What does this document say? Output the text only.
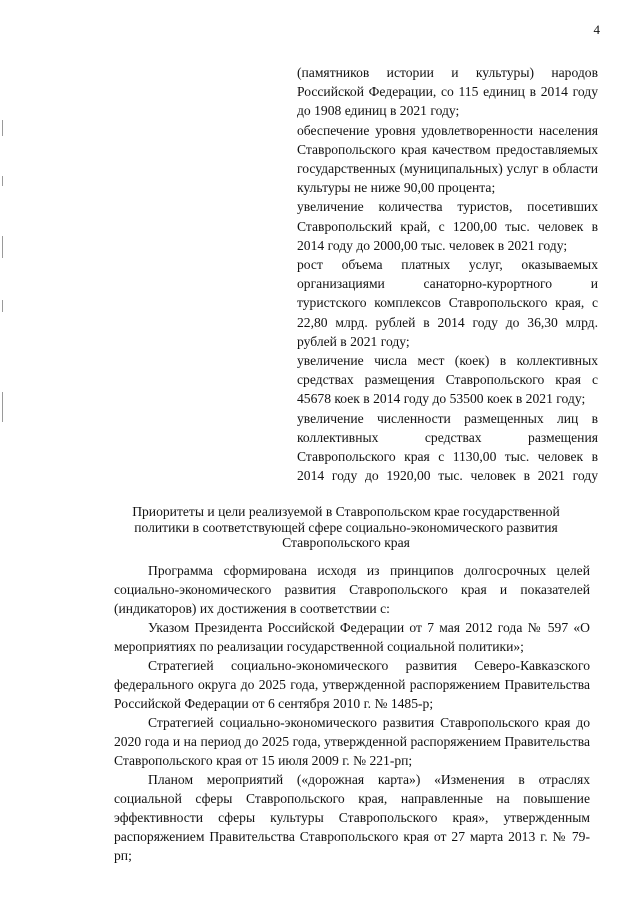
4

(памятников истории и культуры) народов Российской Федерации, со 115 единиц в 2014 году до 1908 единиц в 2021 году;

обеспечение уровня удовлетворенности населения Ставропольского края качеством предоставляемых государственных (муниципальных) услуг в области культуры не ниже 90,00 процента;

увеличение количества туристов, посетивших Ставропольский край, с 1200,00 тыс. человек в 2014 году до 2000,00 тыс. человек в 2021 году;

рост объема платных услуг, оказываемых организациями санаторно-курортного и туристского комплексов Ставропольского края, с 22,80 млрд. рублей в 2014 году до 36,30 млрд. рублей в 2021 году;

увеличение числа мест (коек) в коллективных средствах размещения Ставропольского края с 45678 коек в 2014 году до 53500 коек в 2021 году;

увеличение численности размещенных лиц в коллективных средствах размещения Ставропольского края с 1130,00 тыс. человек в 2014 году до 1920,00 тыс. человек в 2021 году

Приоритеты и цели реализуемой в Ставропольском крае государственной
политики в соответствующей сфере социально-экономического развития
Ставропольского края

Программа сформирована исходя из принципов долгосрочных целей социально-экономического развития Ставропольского края и показателей (индикаторов) их достижения в соответствии с:

Указом Президента Российской Федерации от 7 мая 2012 года № 597 «О мероприятиях по реализации государственной социальной политики»;

Стратегией социально-экономического развития Северо-Кавказского федерального округа до 2025 года, утвержденной распоряжением Правительства Российской Федерации от 6 сентября 2010 г. № 1485-р;

Стратегией социально-экономического развития Ставропольского края до 2020 года и на период до 2025 года, утвержденной распоряжением Правительства Ставропольского края от 15 июля 2009 г. № 221-рп;

Планом мероприятий («дорожная карта») «Изменения в отраслях социальной сферы Ставропольского края, направленные на повышение эффективности сферы культуры Ставропольского края», утвержденным распоряжением Правительства Ставропольского края от 27 марта 2013 г. № 79-рп;
